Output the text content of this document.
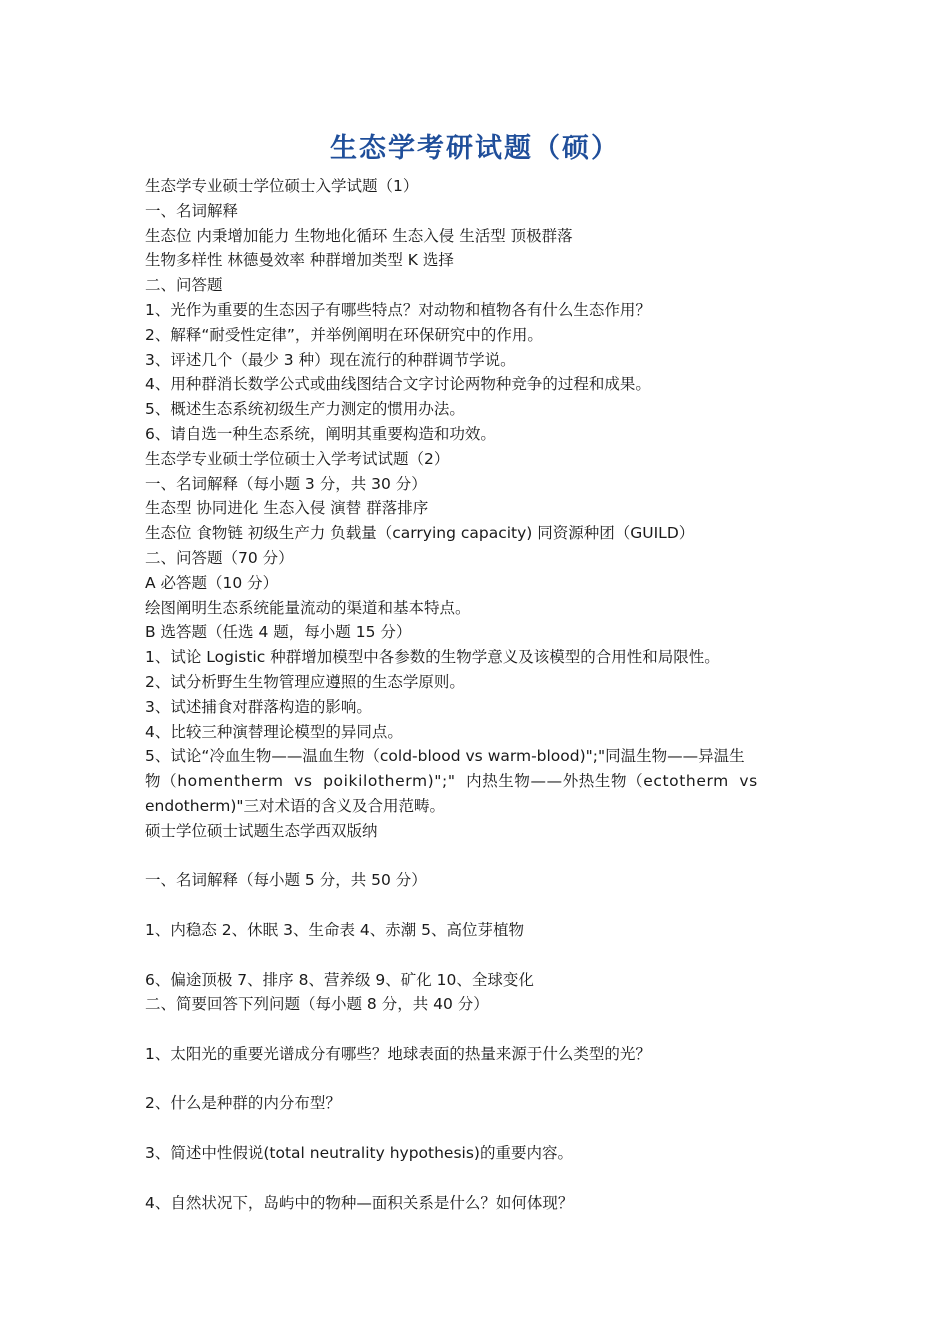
生态学考研试题（硕）
生态学专业硕士学位硕士入学试题（1）
一、名词解释
生态位 内秉增加能力 生物地化循环 生态入侵 生活型 顶极群落
生物多样性 林德曼效率 种群增加类型 K 选择
二、问答题
1、光作为重要的生态因子有哪些特点？对动物和植物各有什么生态作用？
2、解释“耐受性定律”，并举例阐明在环保研究中的作用。
3、评述几个（最少 3 种）现在流行的种群调节学说。
4、用种群消长数学公式或曲线图结合文字讨论两物种竞争的过程和成果。
5、概述生态系统初级生产力测定的惯用办法。
6、请自选一种生态系统，阐明其重要构造和功效。
生态学专业硕士学位硕士入学考试试题（2）
一、名词解释（每小题 3 分，共 30 分）
生态型 协同进化 生态入侵 演替 群落排序
生态位 食物链 初级生产力 负载量（carrying capacity) 同资源种团（GUILD）
二、问答题（70 分）
A 必答题（10 分）
绘图阐明生态系统能量流动的渠道和基本特点。
B 选答题（任选 4 题，每小题 15 分）
1、试论 Logistic 种群增加模型中各参数的生物学意义及该模型的合用性和局限性。
2、试分析野生生物管理应遵照的生态学原则。
3、试述捕食对群落构造的影响。
4、比较三种演替理论模型的异同点。
5、试论“冷血生物——温血生物（cold-blood vs warm-blood)";"同温生物——异温生
物（homentherm vs poikilotherm)";" 内热生物——外热生物（ectotherm vs
endotherm)"三对术语的含义及合用范畴。
硕士学位硕士试题生态学西双版纳
一、名词解释（每小题 5 分，共 50 分）
1、内稳态 2、休眠 3、生命表 4、赤潮 5、高位芽植物
6、偏途顶极 7、排序 8、营养级 9、矿化 10、全球变化
二、简要回答下列问题（每小题 8 分，共 40 分）
1、太阳光的重要光谱成分有哪些？地球表面的热量来源于什么类型的光？
2、什么是种群的内分布型？
3、简述中性假说(total neutrality hypothesis)的重要内容。
4、自然状况下，岛屿中的物种—面积关系是什么？如何体现？
